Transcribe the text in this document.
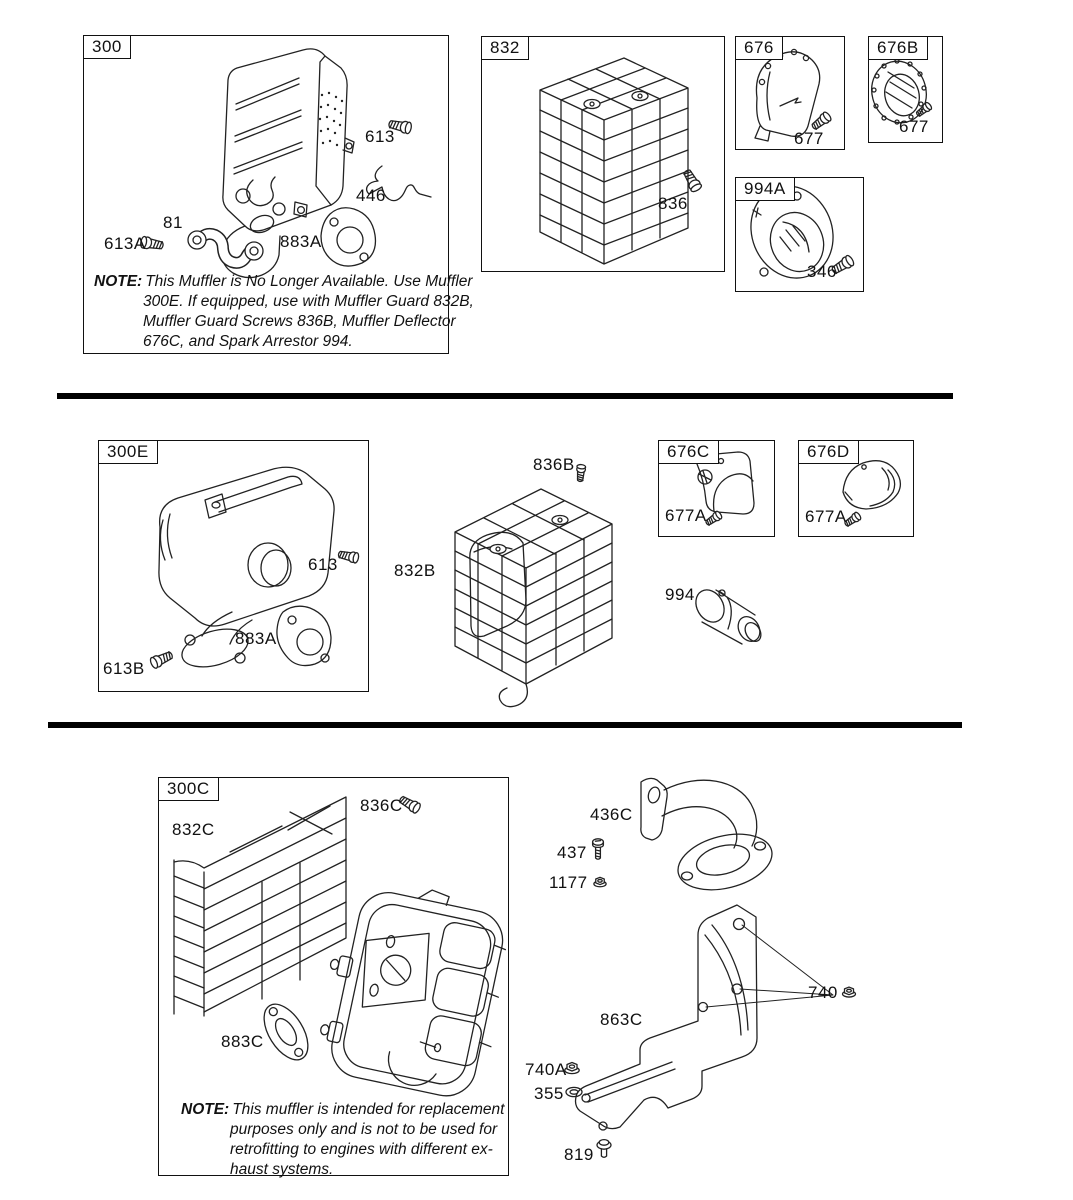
300	832	676	676B
994A
300E	676C	676D
300C
613
446
81
613A	883A
836
677
677
346
613
883A
613B
836B
832B
677A	677A
994
832C
836C
883C
436C
437
1177
863C
740
740A
355
819
NOTE: This Muffler is No Longer Available. Use Muffler
300E. If equipped, use with Muffler Guard 832B,
Muffler Guard Screws 836B, Muffler Deflector
676C, and Spark Arrestor 994.
NOTE: This muffler is intended for replacement
purposes only and is not to be used for
retrofitting to engines with different ex-
haust systems.
